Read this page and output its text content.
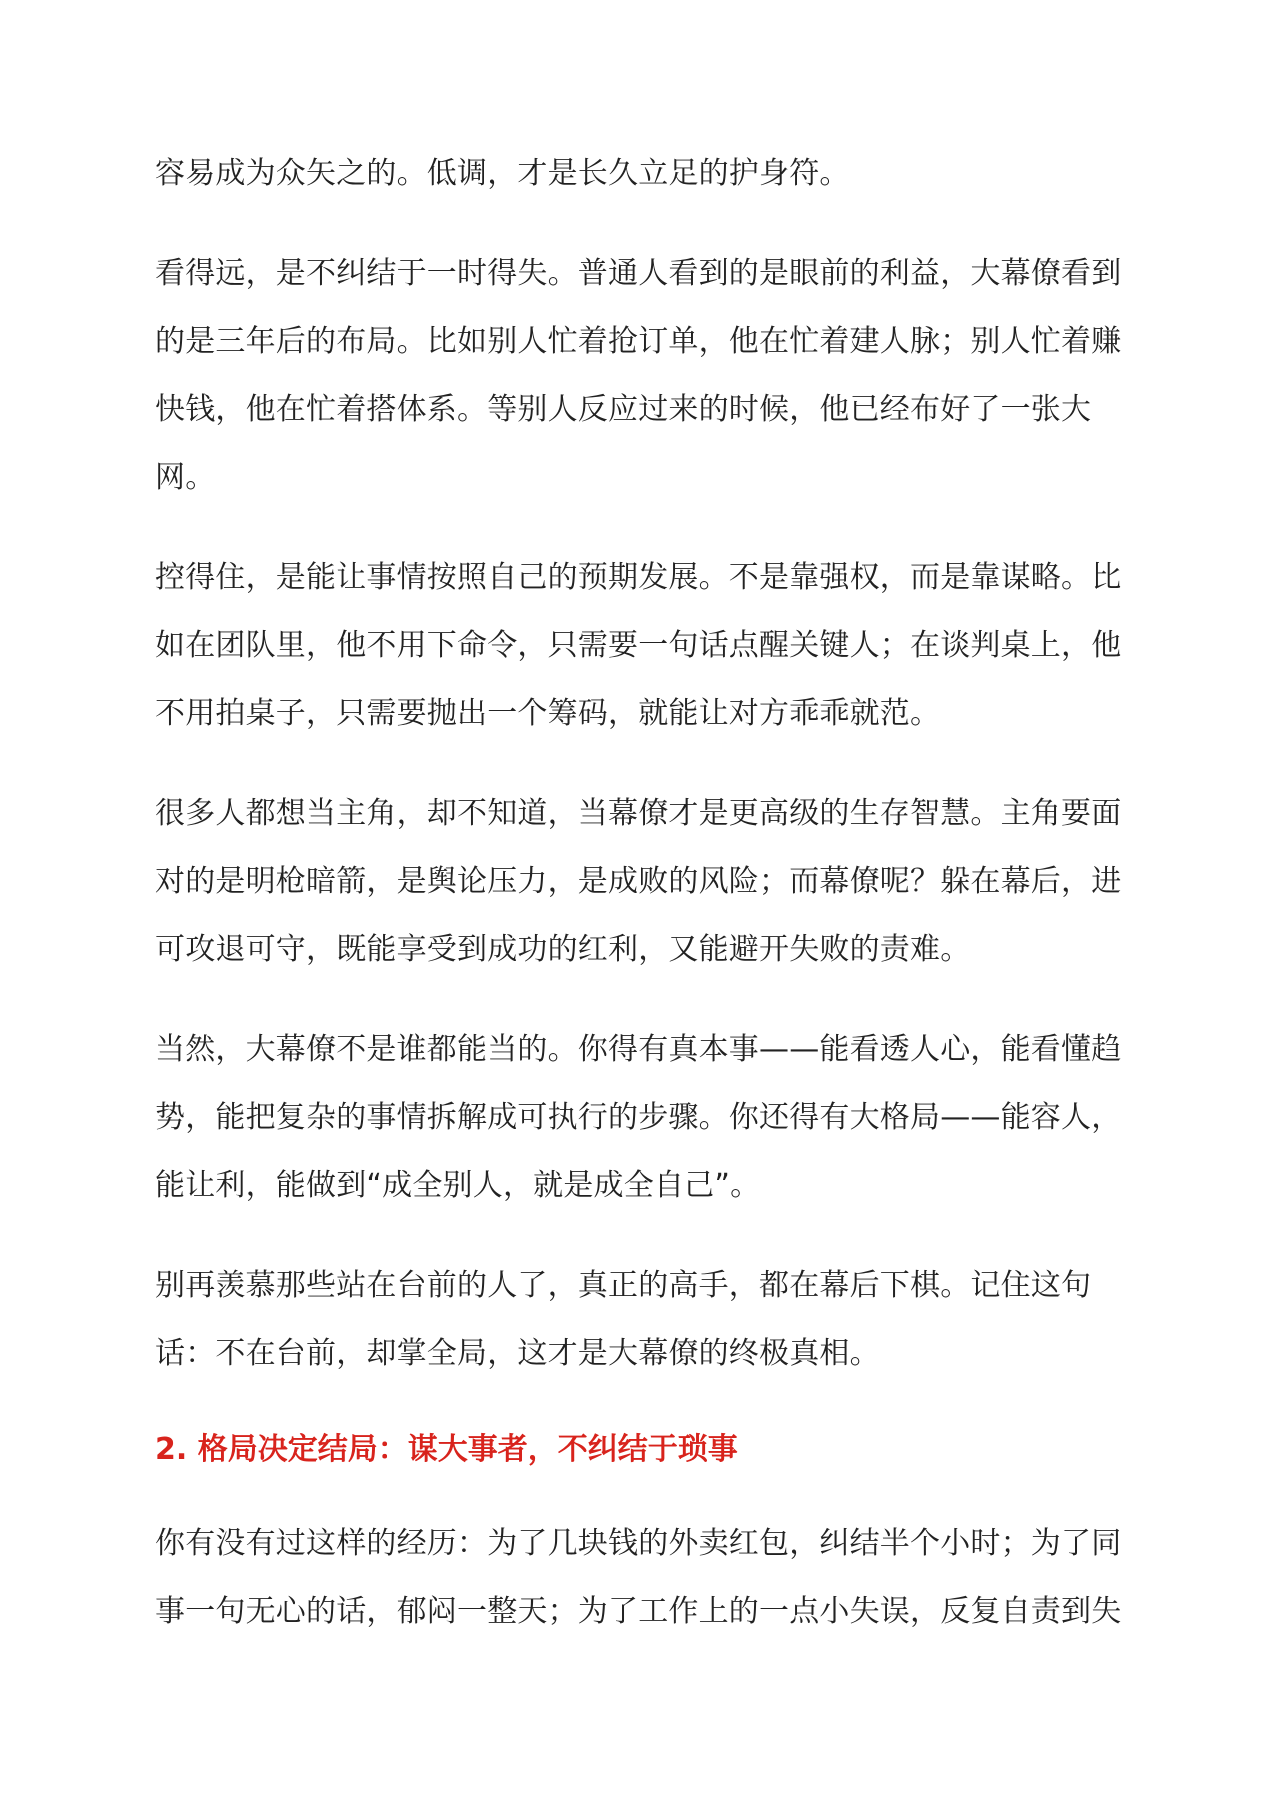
容易成为众矢之的。低调，才是长久立足的护身符。
看得远，是不纠结于一时得失。普通人看到的是眼前的利益，大幕僚看到
的是三年后的布局。比如别人忙着抢订单，他在忙着建人脉；别人忙着赚
快钱，他在忙着搭体系。等别人反应过来的时候，他已经布好了一张大
网。
控得住，是能让事情按照自己的预期发展。不是靠强权，而是靠谋略。比
如在团队里，他不用下命令，只需要一句话点醒关键人；在谈判桌上，他
不用拍桌子，只需要抛出一个筹码，就能让对方乖乖就范。
很多人都想当主角，却不知道，当幕僚才是更高级的生存智慧。主角要面
对的是明枪暗箭，是舆论压力，是成败的风险；而幕僚呢？躲在幕后，进
可攻退可守，既能享受到成功的红利，又能避开失败的责难。
当然，大幕僚不是谁都能当的。你得有真本事——能看透人心，能看懂趋
势，能把复杂的事情拆解成可执行的步骤。你还得有大格局——能容人，
能让利，能做到“成全别人，就是成全自己”。
别再羡慕那些站在台前的人了，真正的高手，都在幕后下棋。记住这句
话：不在台前，却掌全局，这才是大幕僚的终极真相。
2. 格局决定结局：谋大事者，不纠结于琐事
你有没有过这样的经历：为了几块钱的外卖红包，纠结半个小时；为了同
事一句无心的话，郁闷一整天；为了工作上的一点小失误，反复自责到失
